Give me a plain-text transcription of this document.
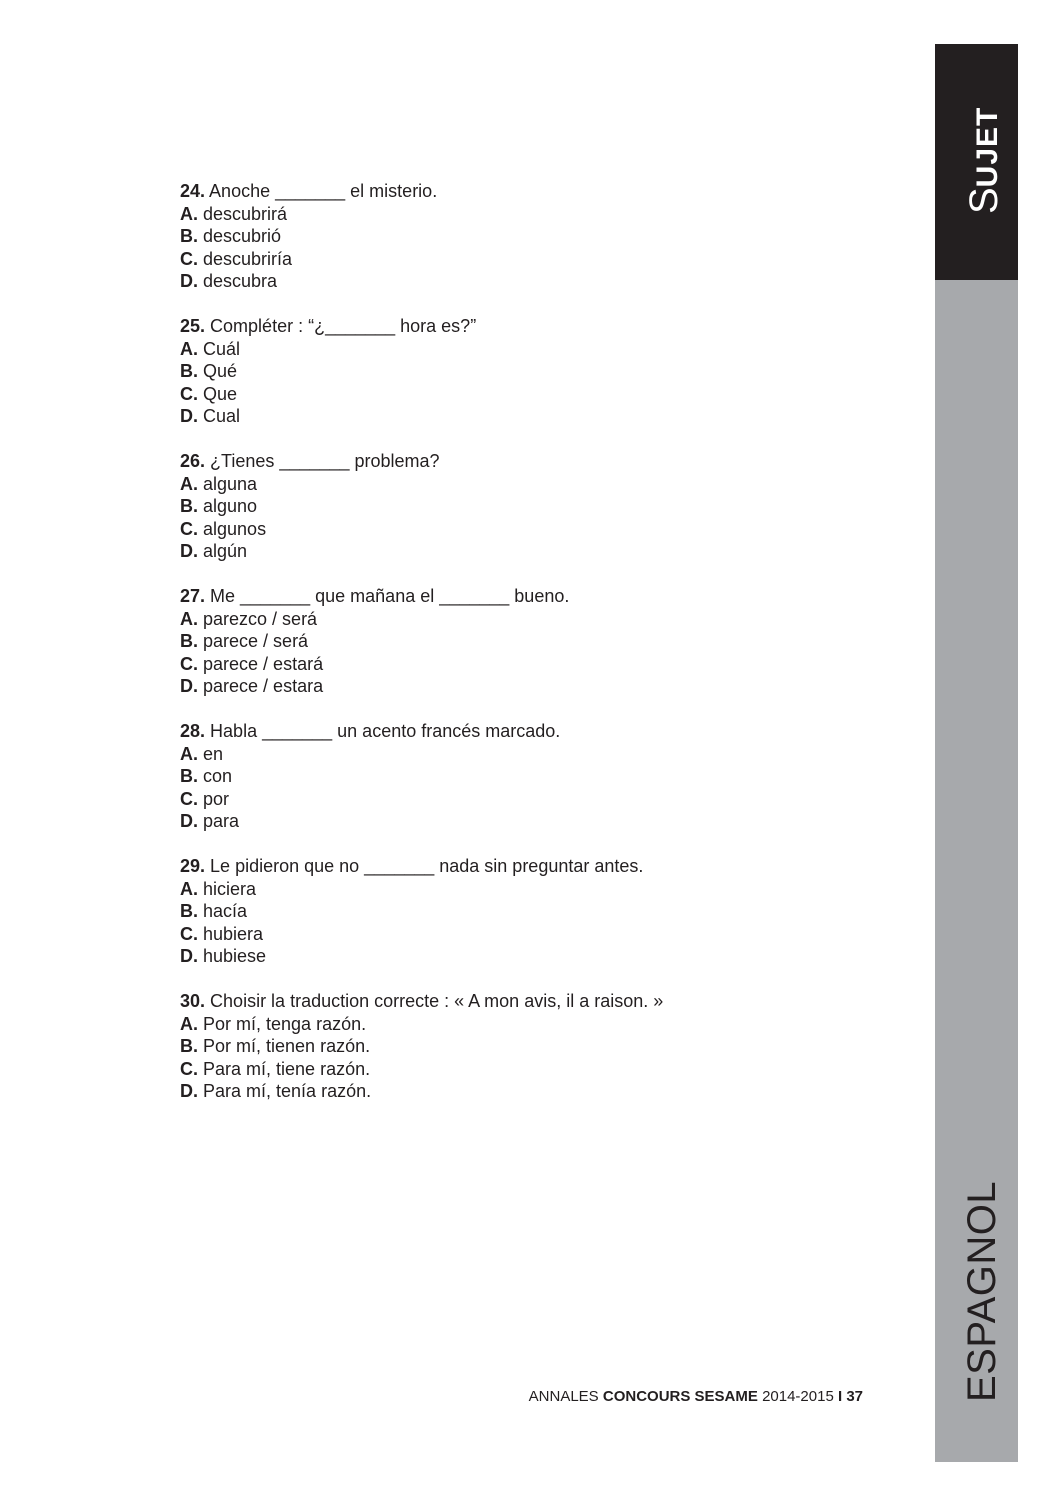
SUJET
ESPAGNOL
24. Anoche _______ el misterio.
A. descubrirá
B. descubrió
C. descubriría
D. descubra
25. Compléter : “¿_______ hora es?”
A. Cuál
B. Qué
C. Que
D. Cual
26. ¿Tienes _______ problema?
A. alguna
B. alguno
C. algunos
D. algún
27. Me _______ que mañana el _______ bueno.
A. parezco / será
B. parece / será
C. parece / estará
D. parece / estara
28. Habla _______ un acento francés marcado.
A. en
B. con
C. por
D. para
29. Le pidieron que no _______ nada sin preguntar antes.
A. hiciera
B. hacía
C. hubiera
D. hubiese
30. Choisir la traduction correcte : « A mon avis, il a raison. »
A. Por mí, tenga razón.
B. Por mí, tienen razón.
C. Para mí, tiene razón.
D. Para mí, tenía razón.
ANNALES CONCOURS SESAME 2014-2015 I 37
